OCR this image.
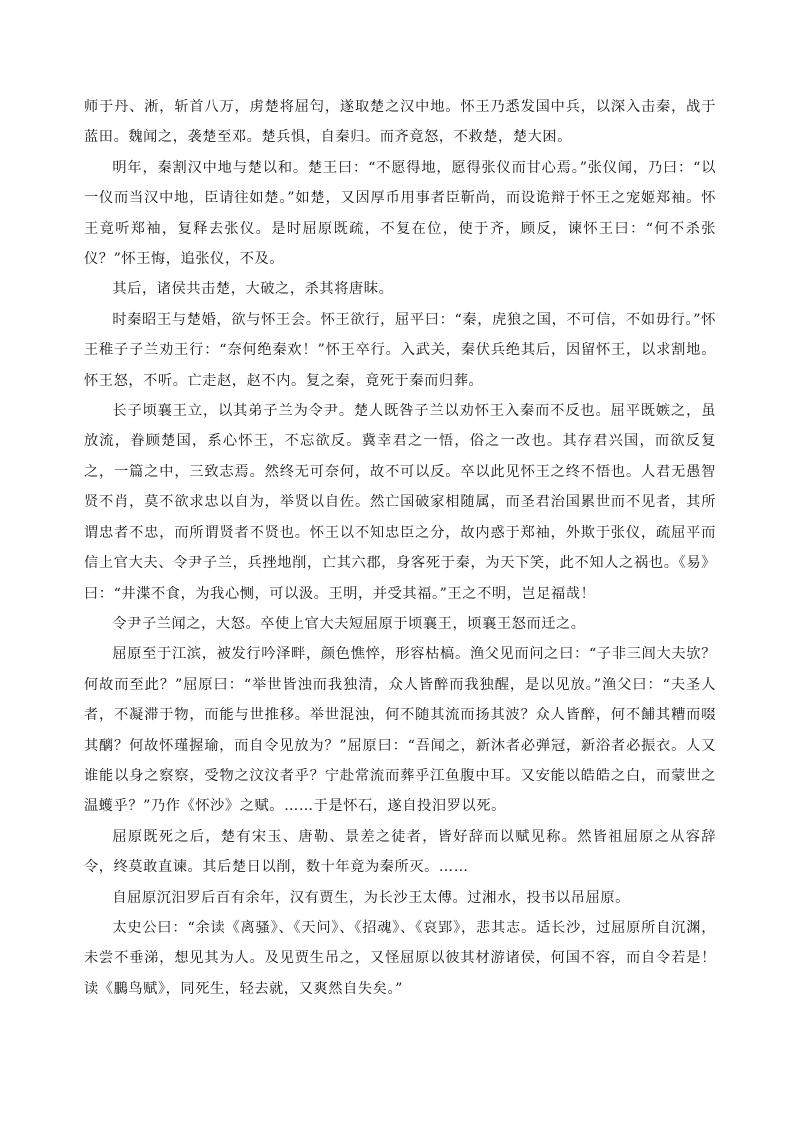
师于丹、淅，斩首八万，虏楚将屈匄，遂取楚之汉中地。怀王乃悉发国中兵，以深入击秦，战于蓝田。魏闻之，袭楚至邓。楚兵惧，自秦归。而齐竟怒，不救楚，楚大困。

明年，秦割汉中地与楚以和。楚王曰：“不愿得地，愿得张仪而甘心焉。”张仪闻，乃曰：“以一仪而当汉中地，臣请往如楚。”如楚，又因厚币用事者臣靳尚，而设诡辩于怀王之宠姬郑袖。怀王竟听郑袖，复释去张仪。是时屈原既疏，不复在位，使于齐，顾反，谏怀王曰：“何不杀张仪？”怀王悔，追张仪，不及。

其后，诸侯共击楚，大破之，杀其将唐眜。

时秦昭王与楚婚，欲与怀王会。怀王欲行，屈平曰：“秦，虎狼之国，不可信，不如毋行。”怀王稚子子兰劝王行：“奈何绝秦欢！”怀王卒行。入武关，秦伏兵绝其后，因留怀王，以求割地。怀王怒，不听。亡走赵，赵不内。复之秦，竟死于秦而归葬。

长子顷襄王立，以其弟子兰为令尹。楚人既咎子兰以劝怀王入秦而不反也。屈平既嫉之，虽放流，眷顾楚国，系心怀王，不忘欲反。冀幸君之一悟，俗之一改也。其存君兴国，而欲反复之，一篇之中，三致志焉。然终无可奈何，故不可以反。卒以此见怀王之终不悟也。人君无愚智贤不肖，莫不欲求忠以自为，举贤以自佐。然亡国破家相随属，而圣君治国累世而不见者，其所谓忠者不忠，而所谓贤者不贤也。怀王以不知忠臣之分，故内惑于郑袖，外欺于张仪，疏屈平而信上官大夫、令尹子兰，兵挫地削，亡其六郡，身客死于秦，为天下笑，此不知人之祸也。《易》曰：“井渫不食，为我心恻，可以汲。王明，并受其福。”王之不明，岂足福哉！

令尹子兰闻之，大怒。卒使上官大夫短屈原于顷襄王，顷襄王怒而迁之。

屈原至于江滨，被发行吟泽畔，颜色憔悴，形容枯槁。渔父见而问之曰：“子非三闾大夫欤？何故而至此？”屈原曰：“举世皆浊而我独清，众人皆醉而我独醒，是以见放。”渔父曰：“夫圣人者，不凝滞于物，而能与世推移。举世混浊，何不随其流而扬其波？众人皆醉，何不餔其糟而啜其醨？何故怀瑾握瑜，而自令见放为？”屈原曰：“吾闻之，新沐者必弹冠，新浴者必振衣。人又谁能以身之察察，受物之汶汶者乎？宁赴常流而葬乎江鱼腹中耳。又安能以皓皓之白，而蒙世之温蠖乎？”乃作《怀沙》之赋。……于是怀石，遂自投汨罗以死。

屈原既死之后，楚有宋玉、唐勒、景差之徒者，皆好辞而以赋见称。然皆祖屈原之从容辞令，终莫敢直谏。其后楚日以削，数十年竟为秦所灭。……

自屈原沉汨罗后百有余年，汉有贾生，为长沙王太傅。过湘水，投书以吊屈原。

太史公曰：“余读《离骚》、《天问》、《招魂》、《哀郢》，悲其志。适长沙，过屈原所自沉渊，未尝不垂涕，想见其为人。及见贾生吊之，又怪屈原以彼其材游诸侯，何国不容，而自令若是！读《鵩鸟赋》，同死生，轻去就，又爽然自失矣。”
